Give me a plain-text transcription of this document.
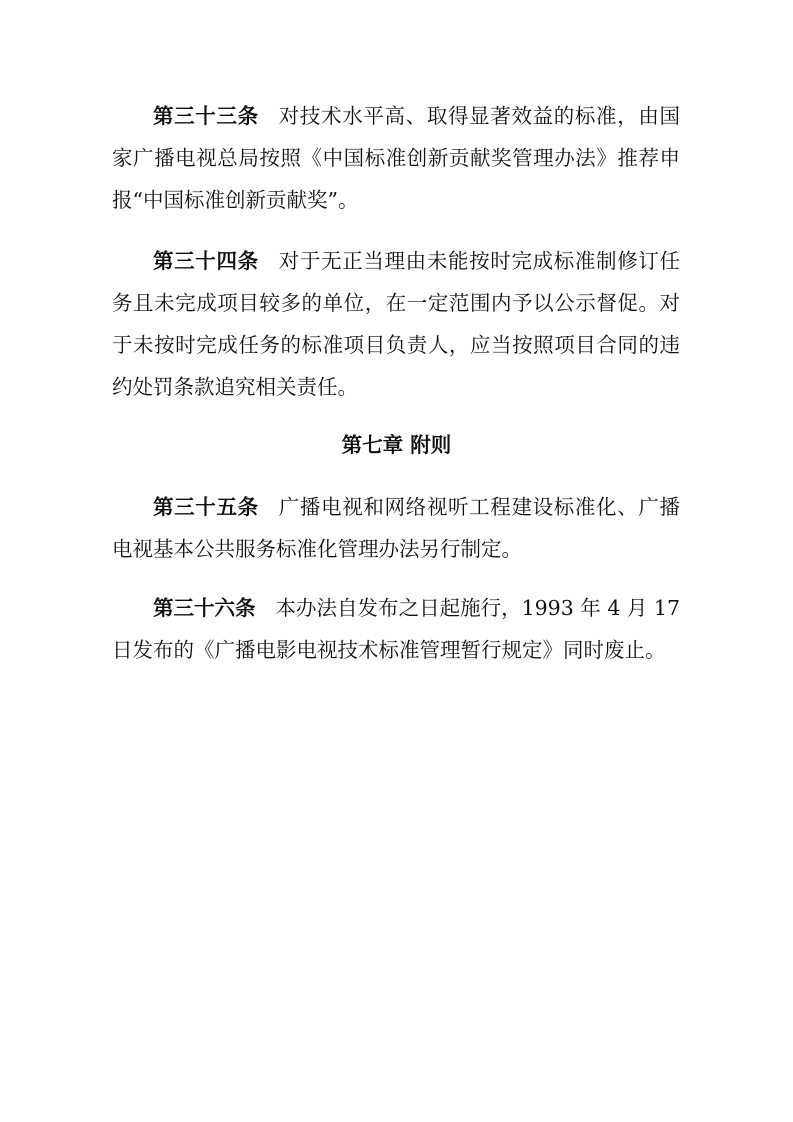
第三十三条 对技术水平高、取得显著效益的标准，由国家广播电视总局按照《中国标准创新贡献奖管理办法》推荐申报“中国标准创新贡献奖”。

第三十四条 对于无正当理由未能按时完成标准制修订任务且未完成项目较多的单位，在一定范围内予以公示督促。对于未按时完成任务的标准项目负责人，应当按照项目合同的违约处罚条款追究相关责任。

第七章 附则

第三十五条 广播电视和网络视听工程建设标准化、广播电视基本公共服务标准化管理办法另行制定。

第三十六条 本办法自发布之日起施行，1993 年 4 月 17 日发布的《广播电影电视技术标准管理暂行规定》同时废止。
